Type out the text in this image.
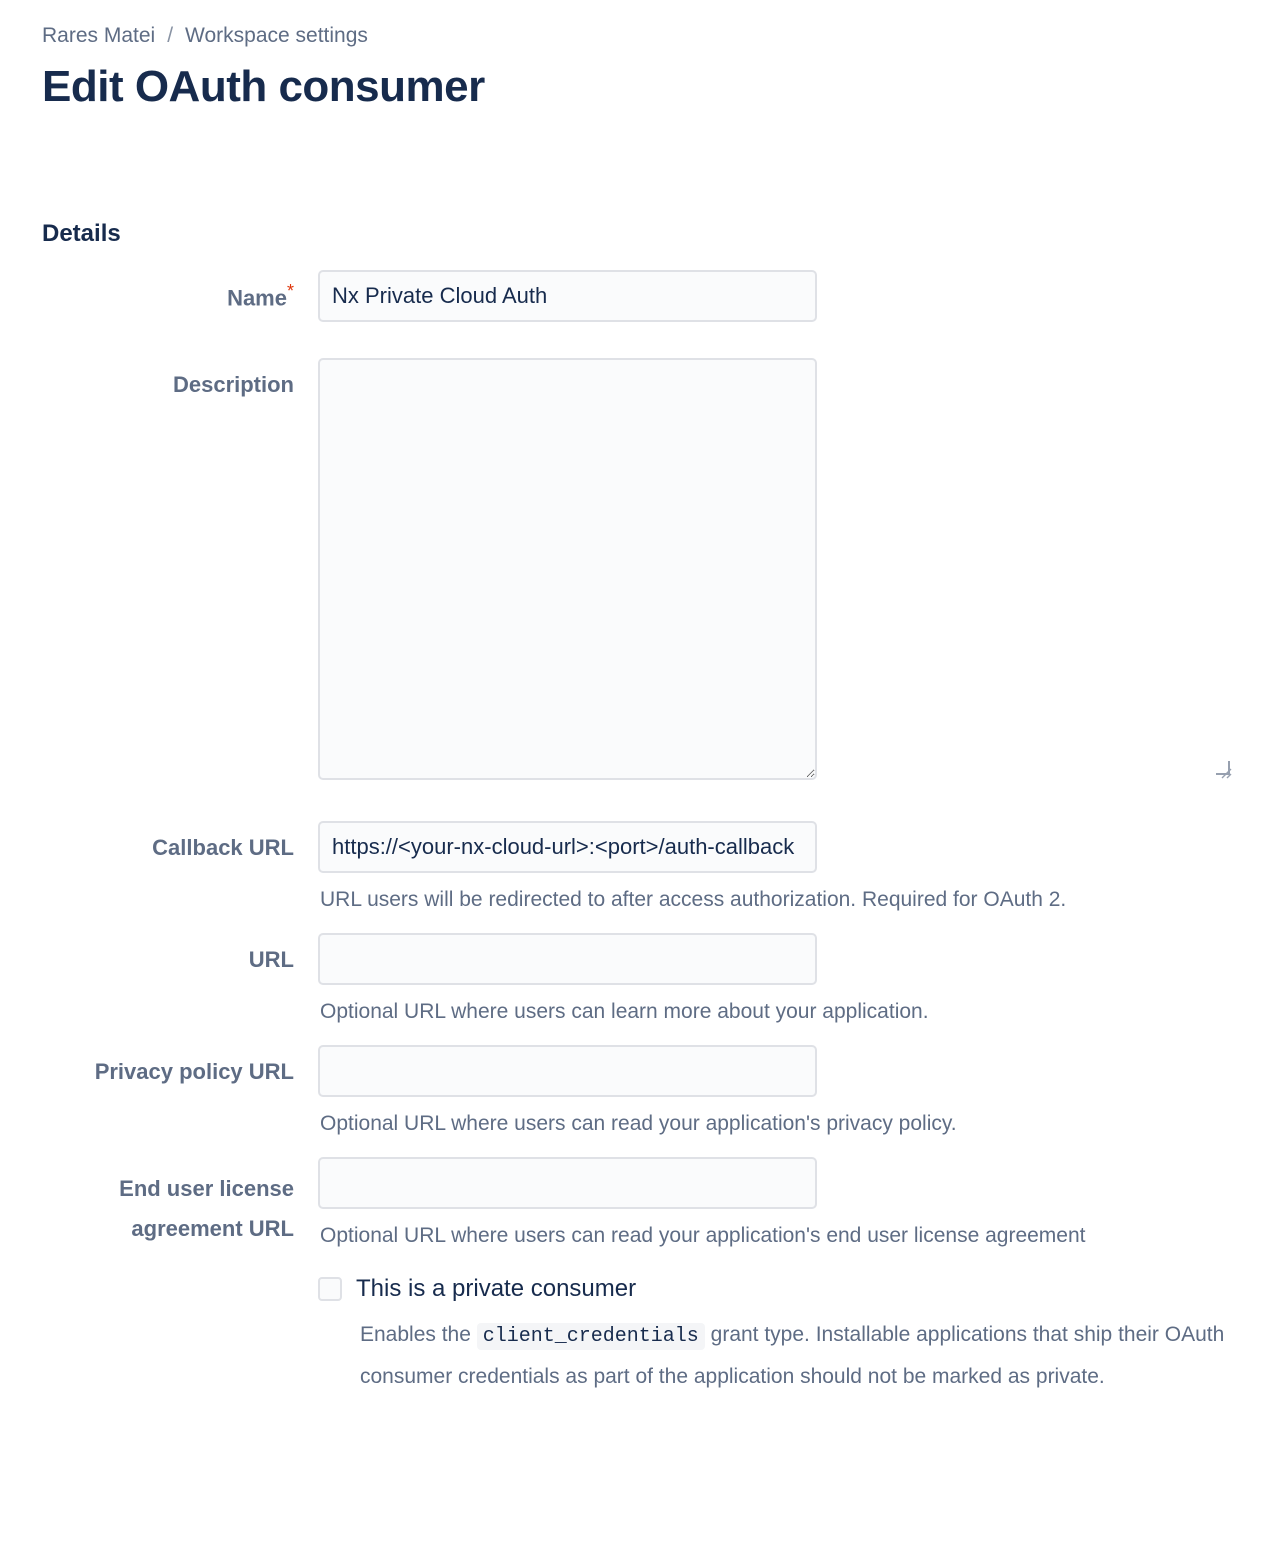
Rares Matei / Workspace settings
Edit OAuth consumer
Details
Name*
Nx Private Cloud Auth
Description
Callback URL
https://<your-nx-cloud-url>:<port>/auth-callback
URL users will be redirected to after access authorization. Required for OAuth 2.
URL
Optional URL where users can learn more about your application.
Privacy policy URL
Optional URL where users can read your application's privacy policy.
End user license agreement URL	Optional URL where users can read your application's end user license agreement
This is a private consumer
Enables the client_credentials grant type. Installable applications that ship their OAuth consumer credentials as part of the application should not be marked as private.
